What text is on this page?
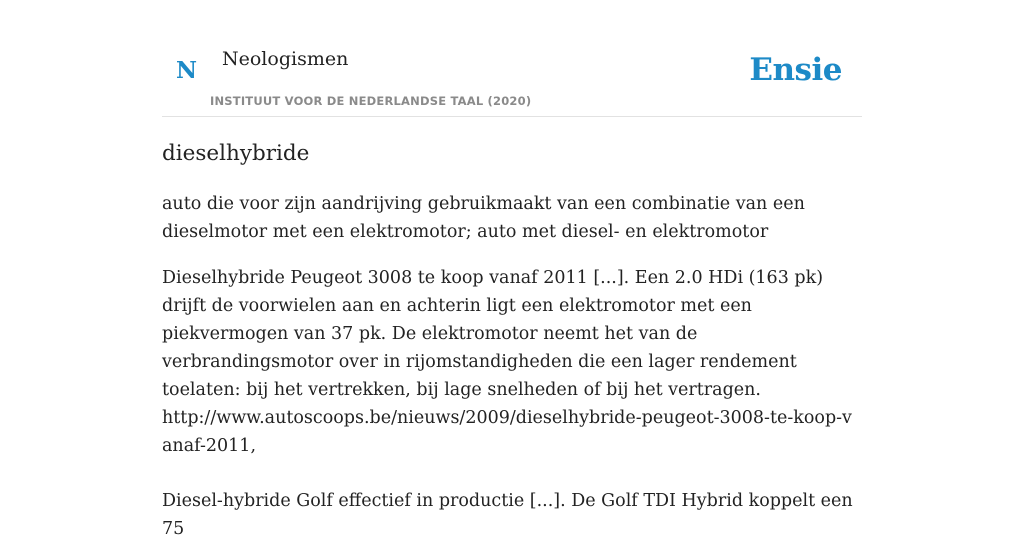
N Neologismen
INSTITUUT VOOR DE NEDERLANDSE TAAL (2020)
Ensie
dieselhybride

auto die voor zijn aandrijving gebruikmaakt van een combinatie van een dieselmotor met een elektromotor; auto met diesel- en elektromotor

Dieselhybride Peugeot 3008 te koop vanaf 2011 [...]. Een 2.0 HDi (163 pk) drijft de voorwielen aan en achterin ligt een elektromotor met een piekvermogen van 37 pk. De elektromotor neemt het van de verbrandingsmotor over in rijomstandigheden die een lager rendement toelaten: bij het vertrekken, bij lage snelheden of bij het vertragen.
http://www.autoscoops.be/nieuws/2009/dieselhybride-peugeot-3008-te-koop-vanaf-2011,
Diesel-hybride Golf effectief in productie [...]. De Golf TDI Hybrid koppelt een 75
